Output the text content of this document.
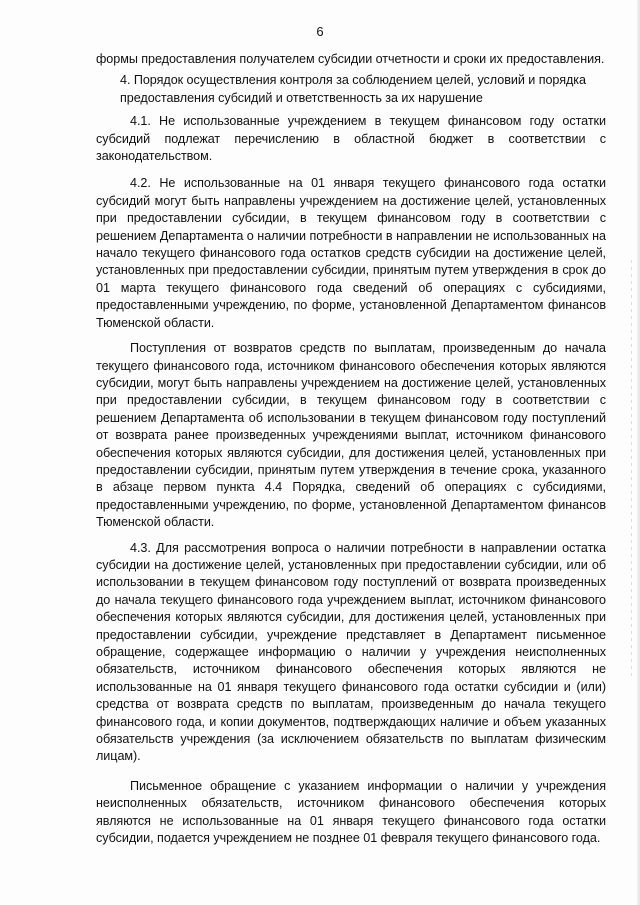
6

формы предоставления получателем субсидии отчетности и сроки их предоставления.

4. Порядок осуществления контроля за соблюдением целей, условий и порядка предоставления субсидий и ответственность за их нарушение

4.1. Не использованные учреждением в текущем финансовом году остатки субсидий подлежат перечислению в областной бюджет в соответствии с законодательством.

4.2. Не использованные на 01 января текущего финансового года остатки субсидий могут быть направлены учреждением на достижение целей, установленных при предоставлении субсидии, в текущем финансовом году в соответствии с решением Департамента о наличии потребности в направлении не использованных на начало текущего финансового года остатков средств субсидии на достижение целей, установленных при предоставлении субсидии, принятым путем утверждения в срок до 01 марта текущего финансового года сведений об операциях с субсидиями, предоставленными учреждению, по форме, установленной Департаментом финансов Тюменской области.

Поступления от возвратов средств по выплатам, произведенным до начала текущего финансового года, источником финансового обеспечения которых являются субсидии, могут быть направлены учреждением на достижение целей, установленных при предоставлении субсидии, в текущем финансовом году в соответствии с решением Департамента об использовании в текущем финансовом году поступлений от возврата ранее произведенных учреждениями выплат, источником финансового обеспечения которых являются субсидии, для достижения целей, установленных при предоставлении субсидии, принятым путем утверждения в течение срока, указанного в абзаце первом пункта 4.4 Порядка, сведений об операциях с субсидиями, предоставленными учреждению, по форме, установленной Департаментом финансов Тюменской области.

4.3. Для рассмотрения вопроса о наличии потребности в направлении остатка субсидии на достижение целей, установленных при предоставлении субсидии, или об использовании в текущем финансовом году поступлений от возврата произведенных до начала текущего финансового года учреждением выплат, источником финансового обеспечения которых являются субсидии, для достижения целей, установленных при предоставлении субсидии, учреждение представляет в Департамент письменное обращение, содержащее информацию о наличии у учреждения неисполненных обязательств, источником финансового обеспечения которых являются не использованные на 01 января текущего финансового года остатки субсидии и (или) средства от возврата средств по выплатам, произведенным до начала текущего финансового года, и копии документов, подтверждающих наличие и объем указанных обязательств учреждения (за исключением обязательств по выплатам физическим лицам).

Письменное обращение с указанием информации о наличии у учреждения неисполненных обязательств, источником финансового обеспечения которых являются не использованные на 01 января текущего финансового года остатки субсидии, подается учреждением не позднее 01 февраля текущего финансового года.
